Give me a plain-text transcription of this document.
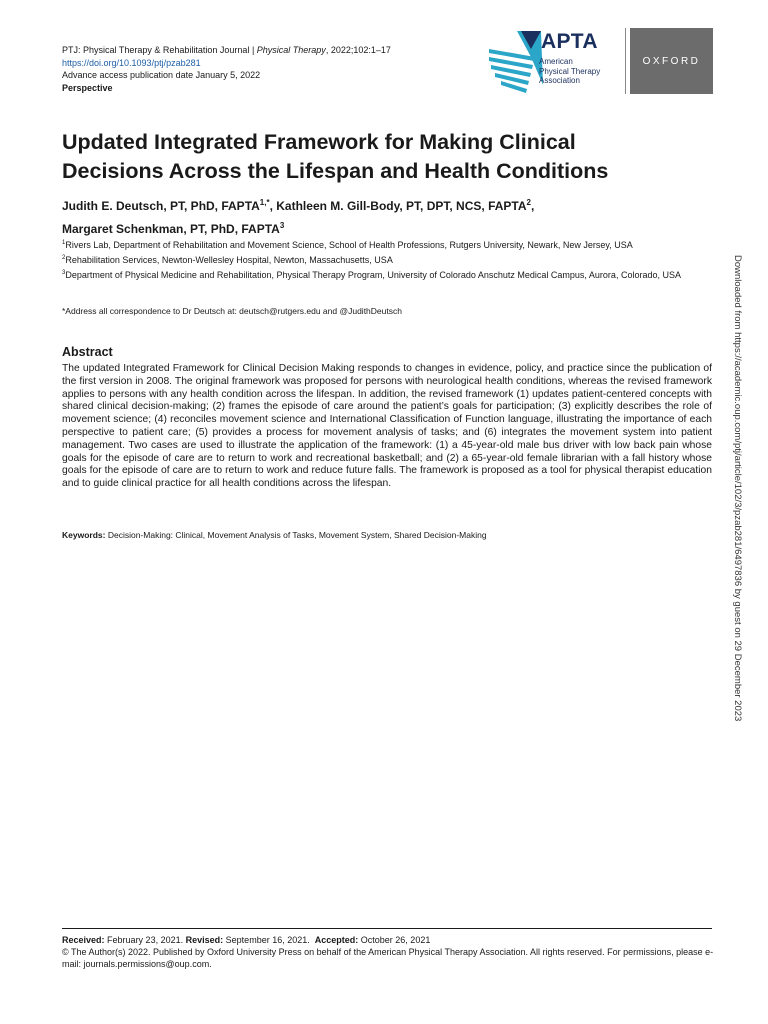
PTJ: Physical Therapy & Rehabilitation Journal | Physical Therapy, 2022;102:1–17
https://doi.org/10.1093/ptj/pzab281
Advance access publication date January 5, 2022
Perspective
APTA
American
Physical Therapy
Association
OXFORD
Updated Integrated Framework for Making Clinical Decisions Across the Lifespan and Health Conditions
Judith E. Deutsch, PT, PhD, $FAPTA^{1,*}$, Kathleen M. Gill-Body, PT, DPT, NCS, FAPTA$^2$,
Margaret Schenkman, PT, PhD, FAPTA$^3$

$^1$Rivers Lab, Department of Rehabilitation and Movement Science, School of Health Professions, Rutgers University, Newark, New Jersey, USA

$^2$Rehabilitation Services, Newton-Wellesley Hospital, Newton, Massachusetts, USA

$^3$Department of Physical Medicine and Rehabilitation, Physical Therapy Program, University of Colorado Anschutz Medical Campus, Aurora, Colorado, USA

*Address all correspondence to Dr Deutsch at: deutsch@rutgers.edu and @JudithDeutsch
Abstract

The updated Integrated Framework for Clinical Decision Making responds to changes in evidence, policy, and practice since the publication of the first version in 2008. The original framework was proposed for persons with neurological health conditions, whereas the revised framework applies to persons with any health condition across the lifespan. In addition, the revised framework (1) updates patient-centered concepts with shared clinical decision-making; (2) frames the episode of care around the patient’s goals for participation; (3) explicitly describes the role of movement science; (4) reconciles movement science and International Classification of Function language, illustrating the importance of each perspective to patient care; (5) provides a process for movement analysis of tasks; and (6) integrates the movement system into patient management. Two cases are used to illustrate the application of the framework: (1) a 45-year-old male bus driver with low back pain whose goals for the episode of care are to return to work and recreational basketball; and (2) a 65-year-old female librarian with a fall history whose goals for the episode of care are to return to work and reduce future falls. The framework is proposed as a tool for physical therapist education and to guide clinical practice for all health conditions across the lifespan.

Keywords: Decision-Making: Clinical, Movement Analysis of Tasks, Movement System, Shared Decision-Making	Downloaded from https://academic.oup.com/ptj/article/102/3/pzab281/6497836 by guest on 29 December 2023
Received: February 23, 2021. Revised: September 16, 2021. Accepted: October 26, 2021
© The Author(s) 2022. Published by Oxford University Press on behalf of the American Physical Therapy Association. All rights reserved. For permissions, please e-mail: journals.permissions@oup.com.
